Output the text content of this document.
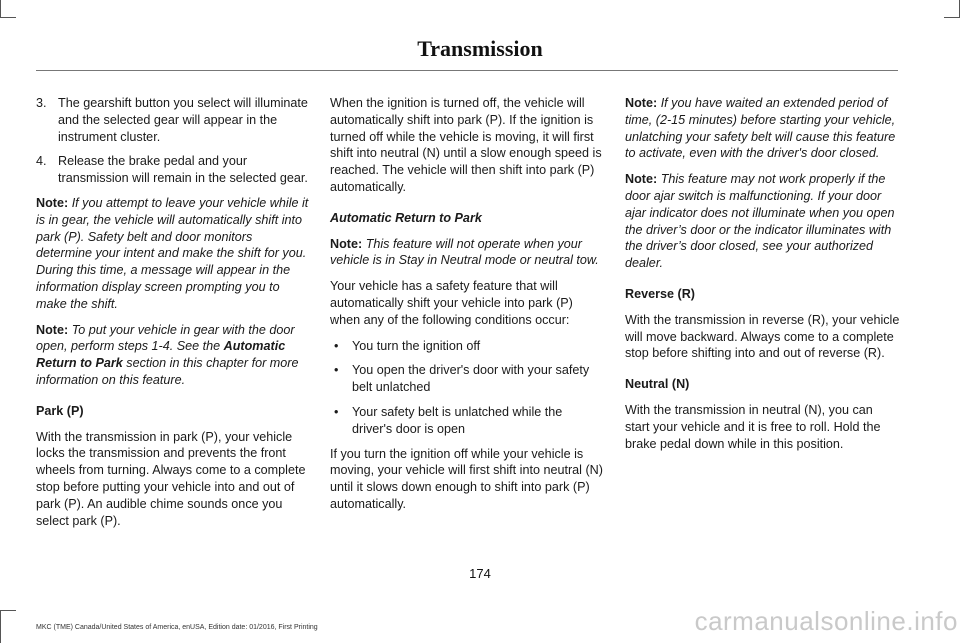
Transmission
3. The gearshift button you select will illuminate and the selected gear will appear in the instrument cluster.
4. Release the brake pedal and your transmission will remain in the selected gear.

Note: If you attempt to leave your vehicle while it is in gear, the vehicle will automatically shift into park (P). Safety belt and door monitors determine your intent and make the shift for you. During this time, a message will appear in the information display screen prompting you to make the shift.

Note: To put your vehicle in gear with the door open, perform steps 1-4. See the Automatic Return to Park section in this chapter for more information on this feature.

Park (P)

With the transmission in park (P), your vehicle locks the transmission and prevents the front wheels from turning. Always come to a complete stop before putting your vehicle into and out of park (P). An audible chime sounds once you select park (P).

When the ignition is turned off, the vehicle will automatically shift into park (P). If the ignition is turned off while the vehicle is moving, it will first shift into neutral (N) until a slow enough speed is reached. The vehicle will then shift into park (P) automatically.

Automatic Return to Park

Note: This feature will not operate when your vehicle is in Stay in Neutral mode or neutral tow.

Your vehicle has a safety feature that will automatically shift your vehicle into park (P) when any of the following conditions occur:

• You turn the ignition off
• You open the driver's door with your safety belt unlatched
• Your safety belt is unlatched while the driver's door is open

If you turn the ignition off while your vehicle is moving, your vehicle will first shift into neutral (N) until it slows down enough to shift into park (P) automatically.

Note: If you have waited an extended period of time, (2-15 minutes) before starting your vehicle, unlatching your safety belt will cause this feature to activate, even with the driver's door closed.

Note: This feature may not work properly if the door ajar switch is malfunctioning. If your door ajar indicator does not illuminate when you open the driver’s door or the indicator illuminates with the driver’s door closed, see your authorized dealer.

Reverse (R)

With the transmission in reverse (R), your vehicle will move backward. Always come to a complete stop before shifting into and out of reverse (R).

Neutral (N)

With the transmission in neutral (N), you can start your vehicle and it is free to roll. Hold the brake pedal down while in this position.

174
MKC (TME) Canada/United States of America, enUSA, Edition date: 01/2016, First Printing	carmanualsonline.info
